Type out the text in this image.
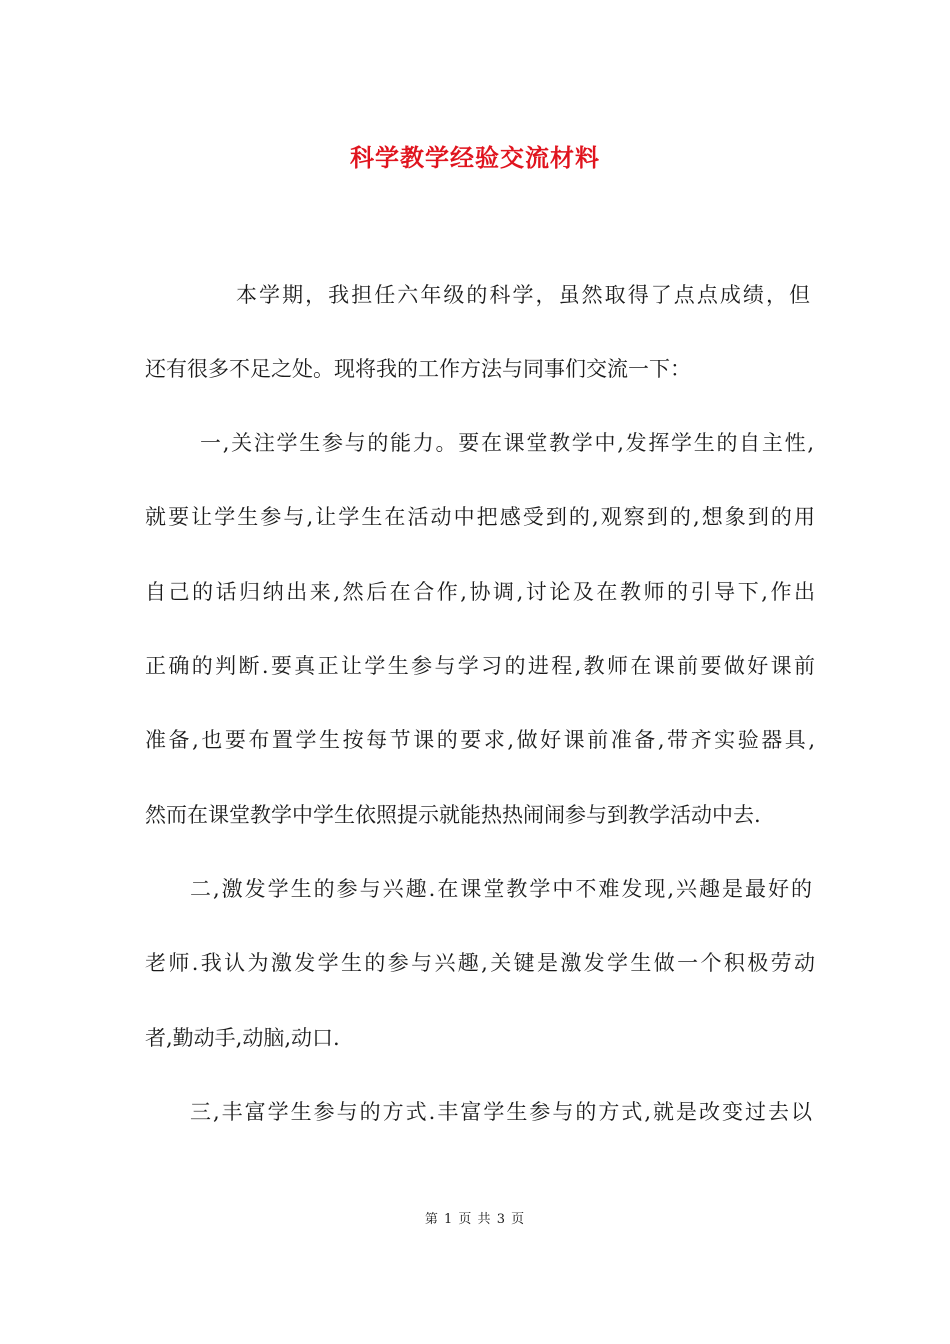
科学教学经验交流材料
本学期，我担任六年级的科学，虽然取得了点点成绩，但
还有很多不足之处。现将我的工作方法与同事们交流一下：
一,关注学生参与的能力。要在课堂教学中,发挥学生的自主性,
就要让学生参与,让学生在活动中把感受到的,观察到的,想象到的用
自己的话归纳出来,然后在合作,协调,讨论及在教师的引导下,作出
正确的判断.要真正让学生参与学习的进程,教师在课前要做好课前
准备,也要布置学生按每节课的要求,做好课前准备,带齐实验器具,
然而在课堂教学中学生依照提示就能热热闹闹参与到教学活动中去.
二,激发学生的参与兴趣.在课堂教学中不难发现,兴趣是最好的
老师.我认为激发学生的参与兴趣,关键是激发学生做一个积极劳动
者,勤动手,动脑,动口.
三,丰富学生参与的方式.丰富学生参与的方式,就是改变过去以
第 1 页 共 3 页
